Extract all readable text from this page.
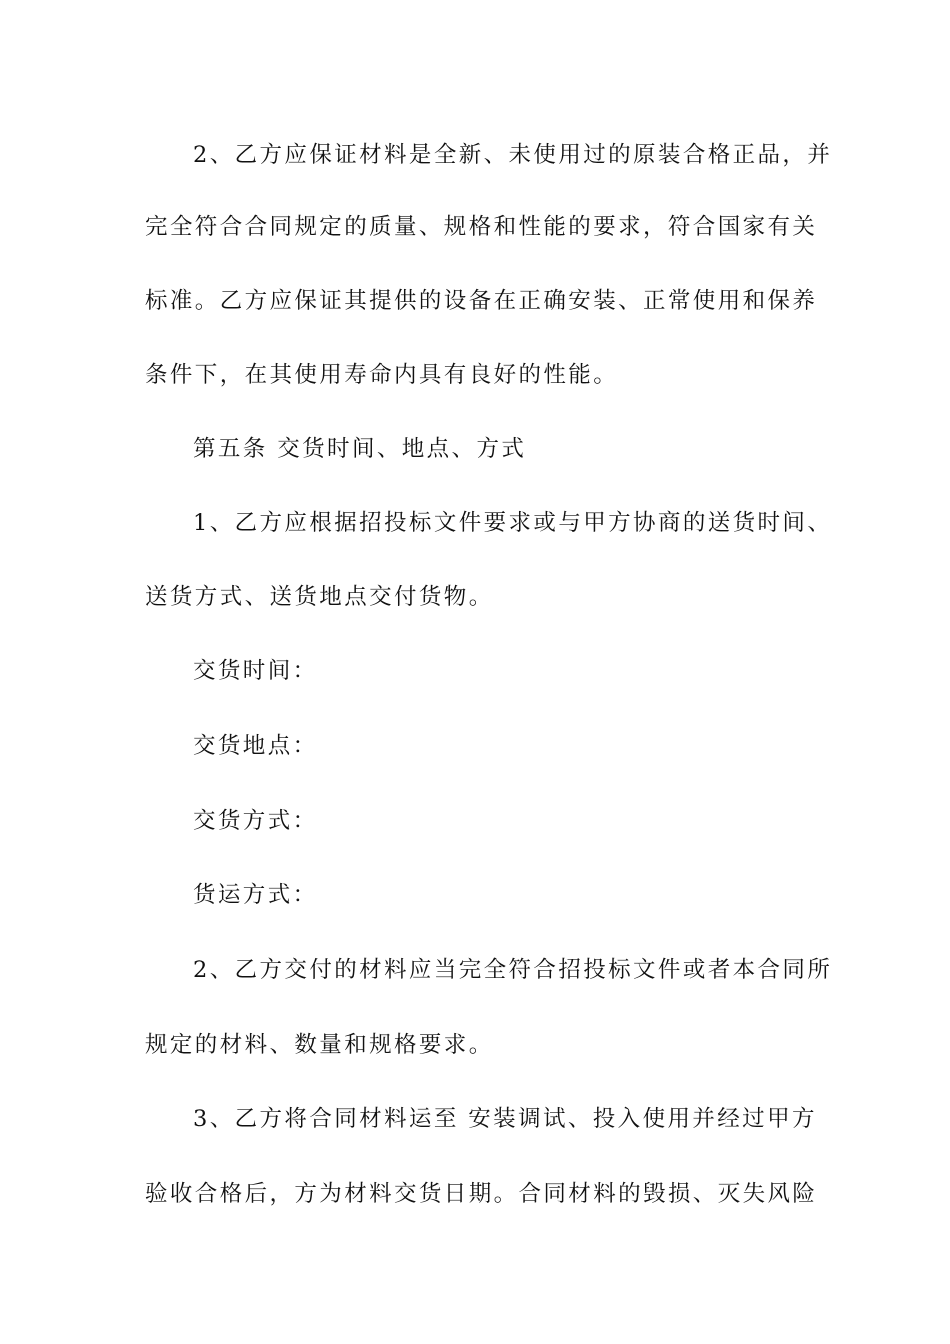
2、乙方应保证材料是全新、未使用过的原装合格正品，并
完全符合合同规定的质量、规格和性能的要求，符合国家有关
标准。乙方应保证其提供的设备在正确安装、正常使用和保养
条件下，在其使用寿命内具有良好的性能。
第五条 交货时间、地点、方式
1、乙方应根据招投标文件要求或与甲方协商的送货时间、
送货方式、送货地点交付货物。
交货时间：
交货地点：
交货方式：
货运方式：
2、乙方交付的材料应当完全符合招投标文件或者本合同所
规定的材料、数量和规格要求。
3、乙方将合同材料运至 安装调试、投入使用并经过甲方
验收合格后，方为材料交货日期。合同材料的毁损、灭失风险
